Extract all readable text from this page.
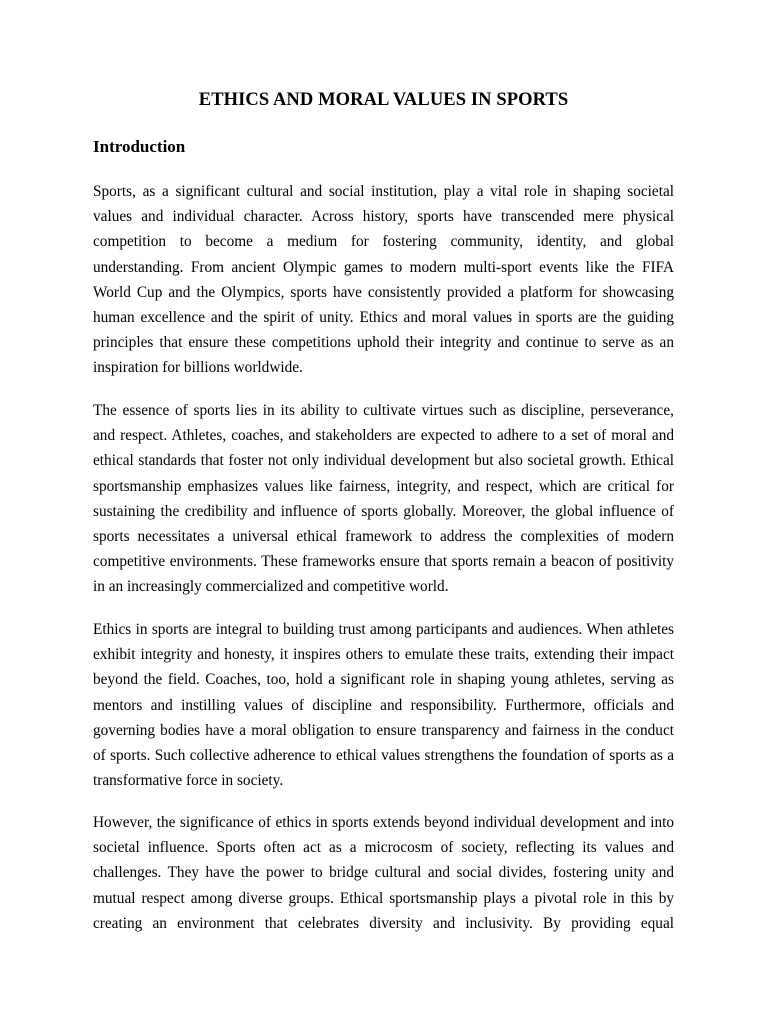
ETHICS AND MORAL VALUES IN SPORTS
Introduction

Sports, as a significant cultural and social institution, play a vital role in shaping societal
values and individual character. Across history, sports have transcended mere physical
competition to become a medium for fostering community, identity, and global
understanding. From ancient Olympic games to modern multi-sport events like the FIFA
World Cup and the Olympics, sports have consistently provided a platform for showcasing
human excellence and the spirit of unity. Ethics and moral values in sports are the guiding
principles that ensure these competitions uphold their integrity and continue to serve as an
inspiration for billions worldwide.

The essence of sports lies in its ability to cultivate virtues such as discipline, perseverance,
and respect. Athletes, coaches, and stakeholders are expected to adhere to a set of moral and
ethical standards that foster not only individual development but also societal growth. Ethical
sportsmanship emphasizes values like fairness, integrity, and respect, which are critical for
sustaining the credibility and influence of sports globally. Moreover, the global influence of
sports necessitates a universal ethical framework to address the complexities of modern
competitive environments. These frameworks ensure that sports remain a beacon of positivity
in an increasingly commercialized and competitive world.

Ethics in sports are integral to building trust among participants and audiences. When athletes
exhibit integrity and honesty, it inspires others to emulate these traits, extending their impact
beyond the field. Coaches, too, hold a significant role in shaping young athletes, serving as
mentors and instilling values of discipline and responsibility. Furthermore, officials and
governing bodies have a moral obligation to ensure transparency and fairness in the conduct
of sports. Such collective adherence to ethical values strengthens the foundation of sports as a
transformative force in society.

However, the significance of ethics in sports extends beyond individual development and into
societal influence. Sports often act as a microcosm of society, reflecting its values and
challenges. They have the power to bridge cultural and social divides, fostering unity and
mutual respect among diverse groups. Ethical sportsmanship plays a pivotal role in this by
creating an environment that celebrates diversity and inclusivity. By providing equal
